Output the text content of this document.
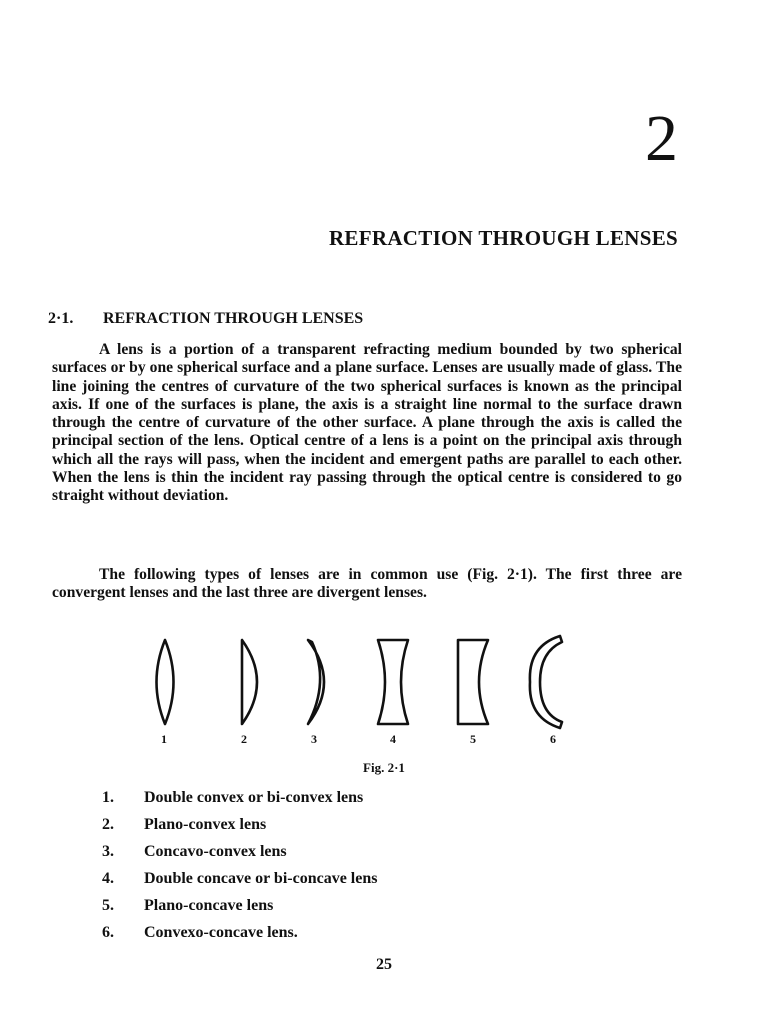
2
REFRACTION THROUGH LENSES
2·1. REFRACTION THROUGH LENSES

A lens is a portion of a transparent refracting medium bounded by two spherical surfaces or by one spherical surface and a plane surface. Lenses are usually made of glass. The line joining the centres of curvature of the two spherical surfaces is known as the principal axis. If one of the surfaces is plane, the axis is a straight line normal to the surface drawn through the centre of curvature of the other surface. A plane through the axis is called the principal section of the lens. Optical centre of a lens is a point on the principal axis through which all the rays will pass, when the incident and emergent paths are parallel to each other. When the lens is thin the incident ray passing through the optical centre is considered to go straight without deviation.

The following types of lenses are in common use (Fig. 2·1). The first three are convergent lenses and the last three are divergent lenses.

1	2	3	4	5	6
Fig. 2·1
1.	Double convex or bi-convex lens
2.	Plano-convex lens
3.	Concavo-convex lens
4.	Double concave or bi-concave lens
5.	Plano-concave lens
6.	Convexo-concave lens.
25
